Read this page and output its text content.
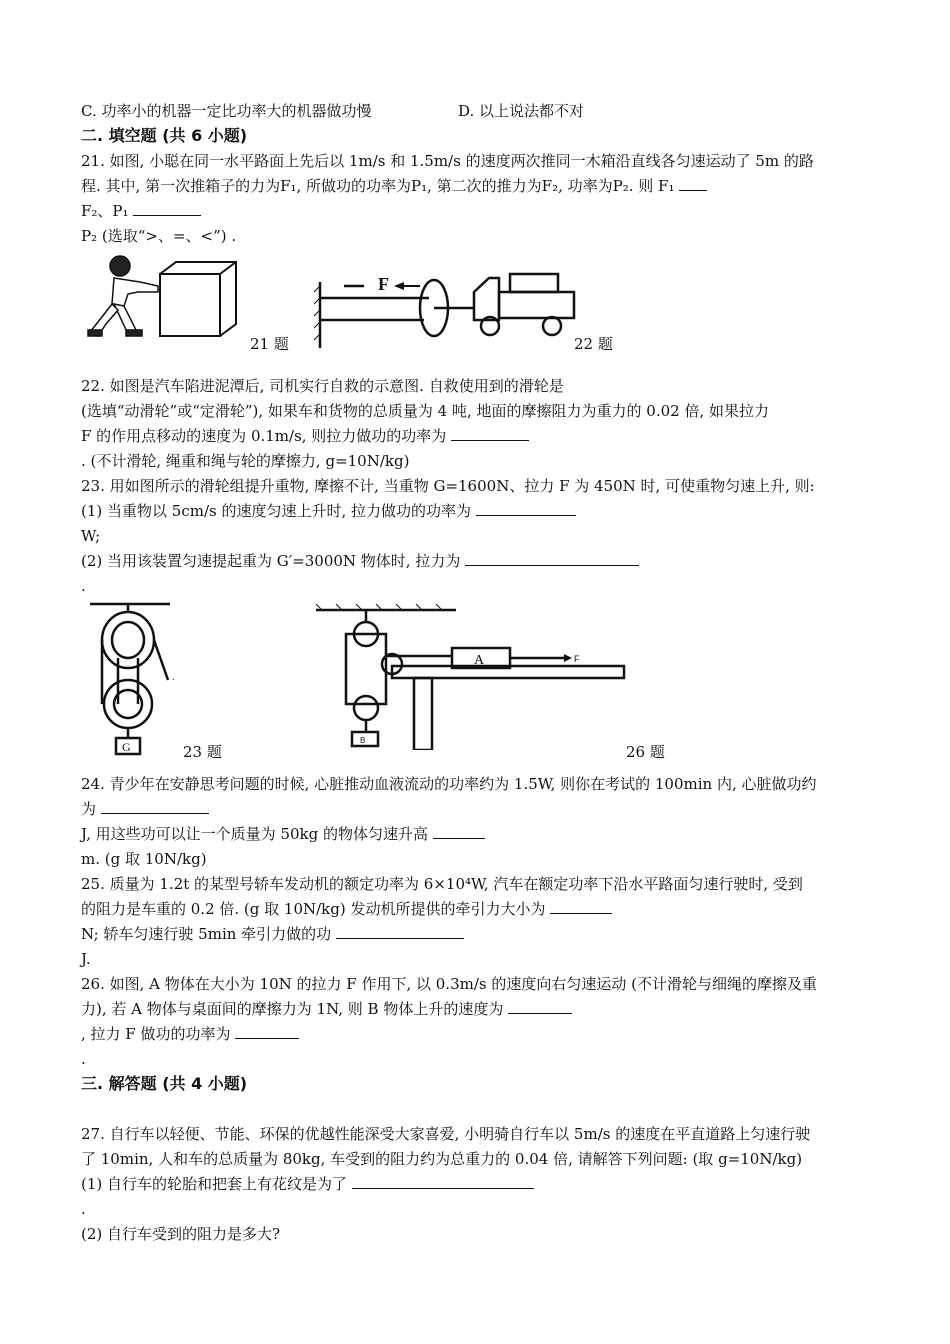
C. 功率小的机器一定比功率大的机器做功慢	D. 以上说法都不对
二. 填空题 (共 6 小题)
21. 如图, 小聪在同一水平路面上先后以 1m/s 和 1.5m/s 的速度两次推同一木箱沿直线各匀速运动了 5m 的路
程. 其中, 第一次推箱子的力为F₁, 所做功的功率为P₁, 第二次的推力为F₂, 功率为P₂. 则 F₁
F₂、P₁
P₂ (选取“>、=、<”) .
21 题
F
22 题
22. 如图是汽车陷进泥潭后, 司机实行自救的示意图. 自救使用到的滑轮是
(选填“动滑轮”或“定滑轮”), 如果车和货物的总质量为 4 吨, 地面的摩擦阻力为重力的 0.02 倍, 如果拉力
F 的作用点移动的速度为 0.1m/s, 则拉力做功的功率为
. (不计滑轮, 绳重和绳与轮的摩擦力, g=10N/kg)
23. 用如图所示的滑轮组提升重物, 摩擦不计, 当重物 G=1600N、拉力 F 为 450N 时, 可使重物匀速上升, 则:
(1) 当重物以 5cm/s 的速度匀速上升时, 拉力做功的功率为
W;
(2) 当用该装置匀速提起重为 G′=3000N 物体时, 拉力为
.
.
G	23 题
A	F
B
26 题
24. 青少年在安静思考问题的时候, 心脏推动血液流动的功率约为 1.5W, 则你在考试的 100min 内, 心脏做功约
为
J, 用这些功可以让一个质量为 50kg 的物体匀速升高
m. (g 取 10N/kg)
25. 质量为 1.2t 的某型号轿车发动机的额定功率为 6×10⁴W, 汽车在额定功率下沿水平路面匀速行驶时, 受到
的阻力是车重的 0.2 倍. (g 取 10N/kg) 发动机所提供的牵引力大小为
N; 轿车匀速行驶 5min 牵引力做的功
J.
26. 如图, A 物体在大小为 10N 的拉力 F 作用下, 以 0.3m/s 的速度向右匀速运动 (不计滑轮与细绳的摩擦及重
力), 若 A 物体与桌面间的摩擦力为 1N, 则 B 物体上升的速度为
, 拉力 F 做功的功率为
.
三. 解答题 (共 4 小题)
27. 自行车以轻便、节能、环保的优越性能深受大家喜爱, 小明骑自行车以 5m/s 的速度在平直道路上匀速行驶
了 10min, 人和车的总质量为 80kg, 车受到的阻力约为总重力的 0.04 倍, 请解答下列问题: (取 g=10N/kg)
(1) 自行车的轮胎和把套上有花纹是为了
.
(2) 自行车受到的阻力是多大?
